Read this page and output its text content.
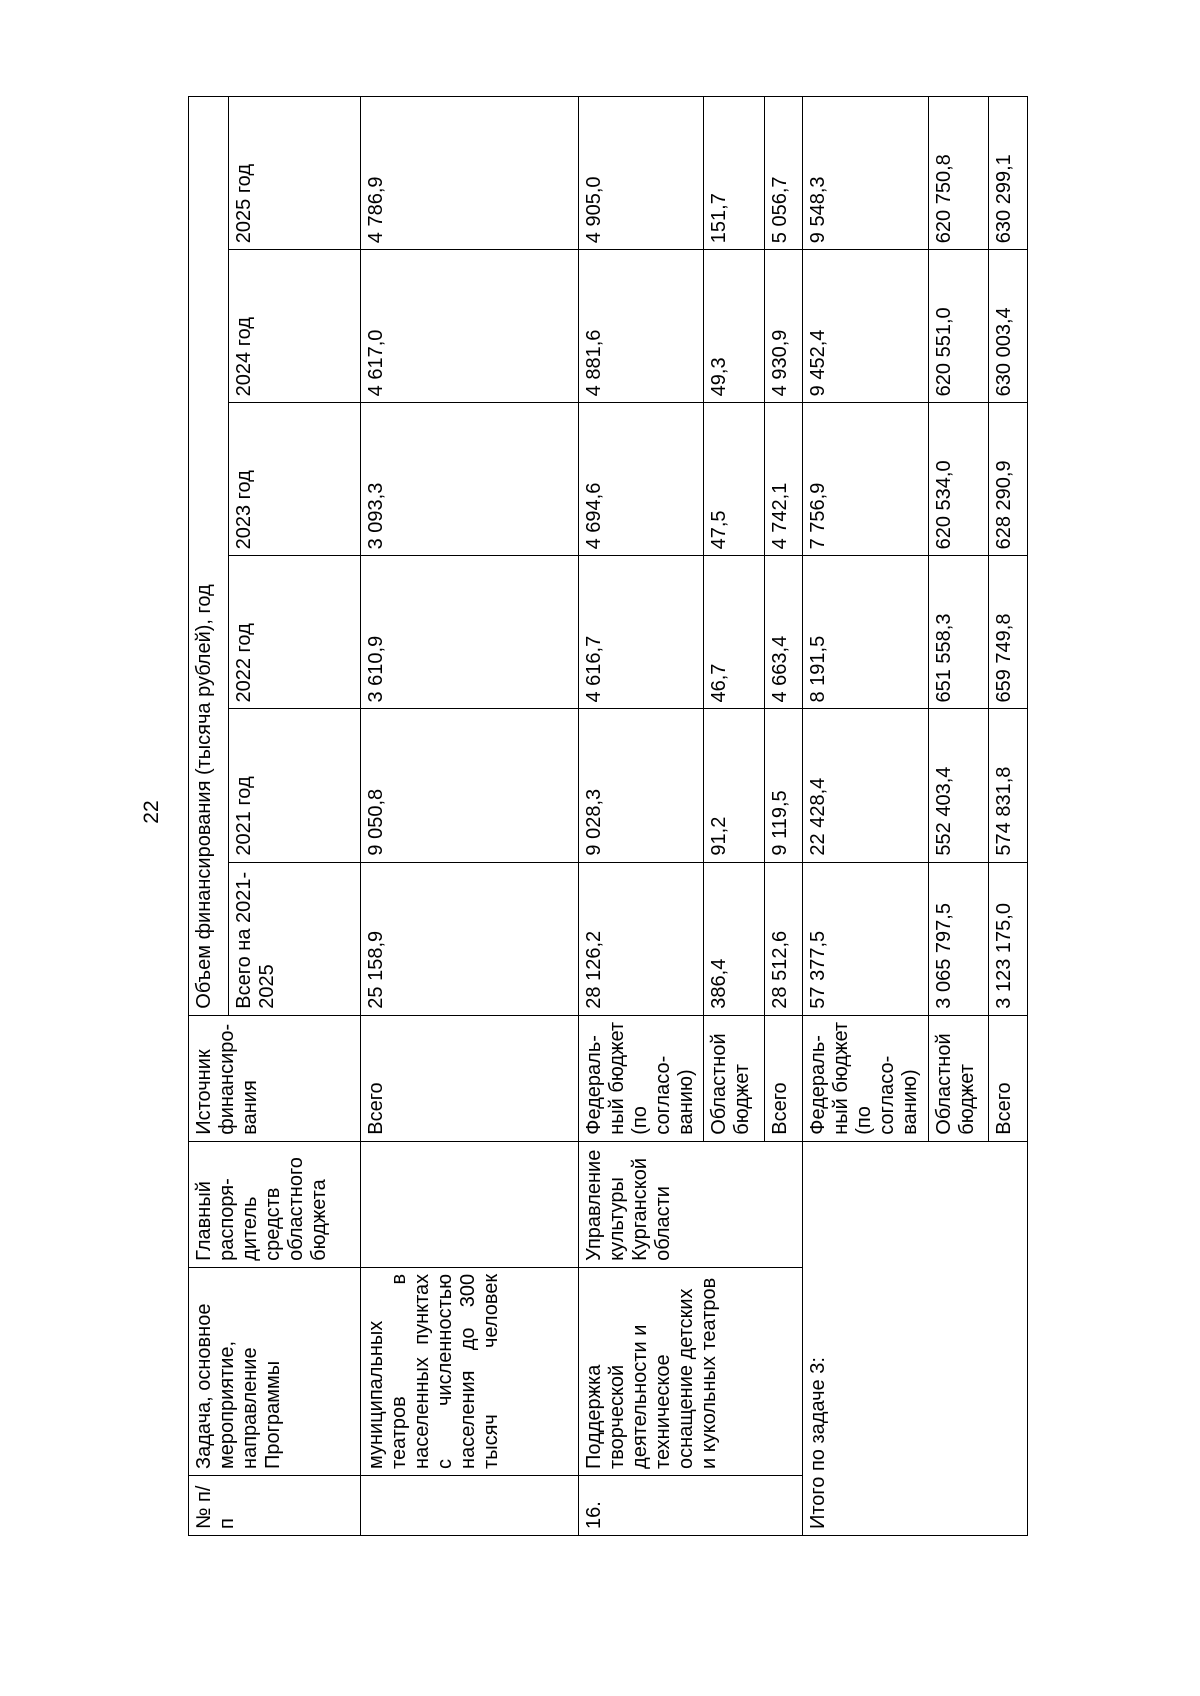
22
№ п/п	Задача, основное мероприятие, направление Программы	Главный распоря-дитель средств областного бюджета	Источник финансиро-вания	Объем финансирования (тысяча рублей), год					
				Всего на 2021-2025	2021 год	2022 год	2023 год	2024 год	2025 год
	муниципальных театров в населенных пунктах с численностью населения до 300 тысяч человек		Всего	25 158,9	9 050,8	3 610,9	3 093,3	4 617,0	4 786,9
16.	Поддержка творческой деятельности и техническое оснащение детских и кукольных театров	Управление культуры Курганской области	Федераль-ный бюджет (по согласо-ванию)	28 126,2	9 028,3	4 616,7	4 694,6	4 881,6	4 905,0
			Областной бюджет	386,4	91,2	46,7	47,5	49,3	151,7
			Всего	28 512,6	9 119,5	4 663,4	4 742,1	4 930,9	5 056,7
Итого по задаче 3:			Федераль-ный бюджет (по согласо-ванию)	57 377,5	22 428,4	8 191,5	7 756,9	9 452,4	9 548,3
			Областной бюджет	3 065 797,5	552 403,4	651 558,3	620 534,0	620 551,0	620 750,8
			Всего	3 123 175,0	574 831,8	659 749,8	628 290,9	630 003,4	630 299,1
